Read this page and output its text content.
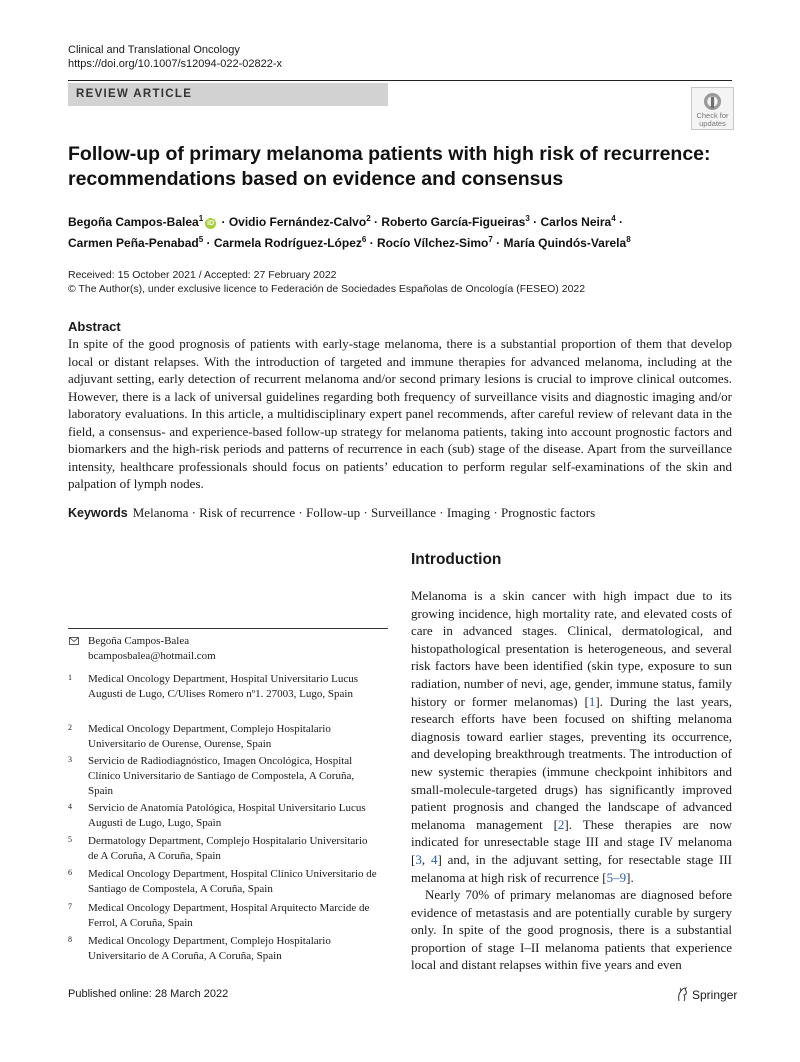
Clinical and Translational Oncology
https://doi.org/10.1007/s12094-022-02822-x
REVIEW ARTICLE
Check for
updates
Follow-up of primary melanoma patients with high risk of recurrence:
recommendations based on evidence and consensus
Begoña Campos-Balea$^1$iD · Ovidio Fernández-Calvo$^2$ · Roberto García-Figueiras$^3$ · Carlos Neira$^4$ ·
Carmen Peña-Penabad$^5$ · Carmela Rodríguez-López$^6$ · Rocío Vílchez-Simo$^7$ · María Quindós-Varela$^8$
Received: 15 October 2021 / Accepted: 27 February 2022
© The Author(s), under exclusive licence to Federación de Sociedades Españolas de Oncología (FESEO) 2022
Abstract
In spite of the good prognosis of patients with early-stage melanoma, there is a substantial proportion of them that develop local or distant relapses. With the introduction of targeted and immune therapies for advanced melanoma, including at the adjuvant setting, early detection of recurrent melanoma and/or second primary lesions is crucial to improve clinical outcomes. However, there is a lack of universal guidelines regarding both frequency of surveillance visits and diagnostic imaging and/or laboratory evaluations. In this article, a multidisciplinary expert panel recommends, after careful review of relevant data in the field, a consensus- and experience-based follow-up strategy for melanoma patients, taking into account prognostic factors and biomarkers and the high-risk periods and patterns of recurrence in each (sub) stage of the disease. Apart from the surveillance intensity, healthcare professionals should focus on patients’ education to perform regular self-examinations of the skin and palpation of lymph nodes.
Keywords Melanoma · Risk of recurrence · Follow-up · Surveillance · Imaging · Prognostic factors
Introduction

Melanoma is a skin cancer with high impact due to its growing incidence, high mortality rate, and elevated costs of care in advanced stages. Clinical, dermatological, and histopathological presentation is heterogeneous, and several risk factors have been identified (skin type, exposure to sun radiation, number of nevi, age, gender, immune status, family history or former melanomas) [1]. During the last years, research efforts have been focused on shifting melanoma diagnosis toward earlier stages, preventing its occurrence, and developing breakthrough treatments. The introduction of new systemic therapies (immune checkpoint inhibitors and small-molecule-targeted drugs) has significantly improved patient prognosis and changed the landscape of advanced melanoma management [2]. These therapies are now indicated for unresectable stage III and stage IV melanoma [3, 4] and, in the adjuvant setting, for resectable stage III melanoma at high risk of recurrence [5–9].

Nearly 70% of primary melanomas are diagnosed before evidence of metastasis and are potentially curable by surgery only. In spite of the good prognosis, there is a substantial proportion of stage I–II melanoma patients that experience local and distant relapses within five years and even

Begoña Campos-Balea
bcamposbalea@hotmail.com
1 Medical Oncology Department, Hospital Universitario Lucus Augusti de Lugo, C/Ulises Romero nº1. 27003, Lugo, Spain
2 Medical Oncology Department, Complejo Hospitalario Universitario de Ourense, Ourense, Spain
3 Servicio de Radiodiagnóstico, Imagen Oncológica, Hospital Clínico Universitario de Santiago de Compostela, A Coruña, Spain
4 Servicio de Anatomía Patológica, Hospital Universitario Lucus Augusti de Lugo, Lugo, Spain
5 Dermatology Department, Complejo Hospitalario Universitario de A Coruña, A Coruña, Spain
6 Medical Oncology Department, Hospital Clínico Universitario de Santiago de Compostela, A Coruña, Spain
7 Medical Oncology Department, Hospital Arquitecto Marcide de Ferrol, A Coruña, Spain
8 Medical Oncology Department, Complejo Hospitalario Universitario de A Coruña, A Coruña, Spain
Published online: 28 March 2022	Springer
